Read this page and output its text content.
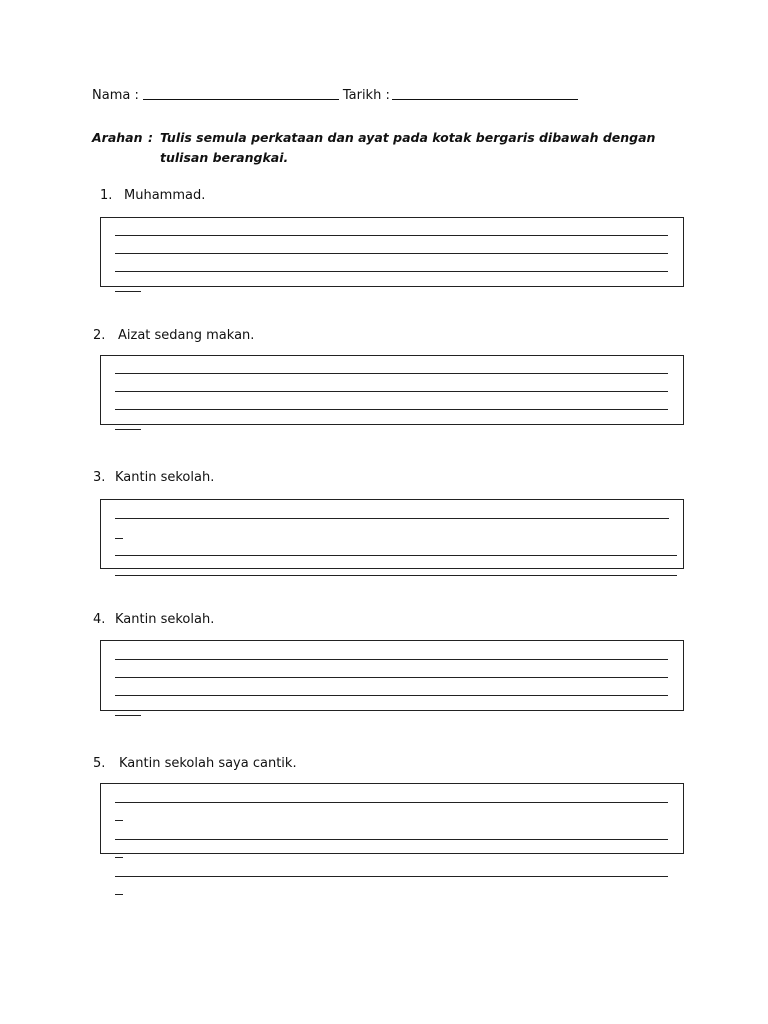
Nama :	Tarikh :
Arahan : Tulis semula perkataan dan ayat pada kotak bergaris dibawah dengan
tulisan berangkai.
1. Muhammad.
2. Aizat sedang makan.
3. Kantin sekolah.
4. Kantin sekolah.
5. Kantin sekolah saya cantik.
